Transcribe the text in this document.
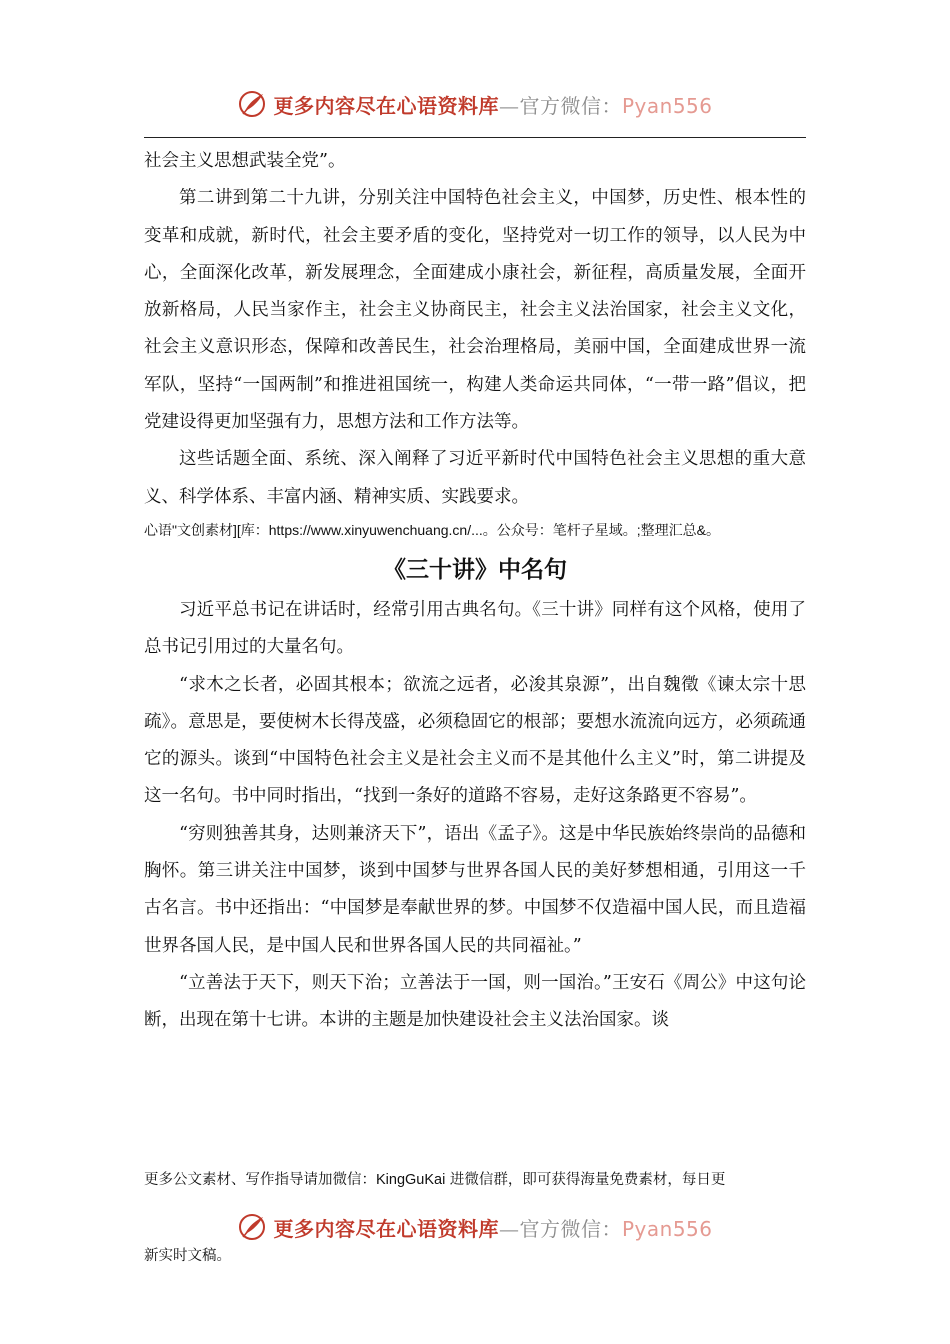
更多内容尽在心语资料库—官方微信：Pyan556

社会主义思想武装全党”。

第二讲到第二十九讲，分别关注中国特色社会主义，中国梦，历史性、根本性的变革和成就，新时代，社会主要矛盾的变化，坚持党对一切工作的领导，以人民为中心，全面深化改革，新发展理念，全面建成小康社会，新征程，高质量发展，全面开放新格局，人民当家作主，社会主义协商民主，社会主义法治国家，社会主义文化，社会主义意识形态，保障和改善民生，社会治理格局，美丽中国，全面建成世界一流军队，坚持“一国两制”和推进祖国统一，构建人类命运共同体，“一带一路”倡议，把党建设得更加坚强有力，思想方法和工作方法等。

这些话题全面、系统、深入阐释了习近平新时代中国特色社会主义思想的重大意义、科学体系、丰富内涵、精神实质、实践要求。

心语"文创素材][库：https://www.xinyuwenchuang.cn/...。公众号：笔杆子星域。;整理汇总&。

《三十讲》中名句

习近平总书记在讲话时，经常引用古典名句。《三十讲》同样有这个风格，使用了总书记引用过的大量名句。

“求木之长者，必固其根本；欲流之远者，必浚其泉源”，出自魏徵《谏太宗十思疏》。意思是，要使树木长得茂盛，必须稳固它的根部；要想水流流向远方，必须疏通它的源头。谈到“中国特色社会主义是社会主义而不是其他什么主义”时，第二讲提及这一名句。书中同时指出，“找到一条好的道路不容易，走好这条路更不容易”。

“穷则独善其身，达则兼济天下”，语出《孟子》。这是中华民族始终崇尚的品德和胸怀。第三讲关注中国梦，谈到中国梦与世界各国人民的美好梦想相通，引用这一千古名言。书中还指出：“中国梦是奉献世界的梦。中国梦不仅造福中国人民，而且造福世界各国人民，是中国人民和世界各国人民的共同福祉。”

“立善法于天下，则天下治；立善法于一国，则一国治。”王安石《周公》中这句论断，出现在第十七讲。本讲的主题是加快建设社会主义法治国家。谈

更多公文素材、写作指导请加微信：KingGuKai 进微信群，即可获得海量免费素材，每日更
更多内容尽在心语资料库—官方微信：Pyan556
新实时文稿。
